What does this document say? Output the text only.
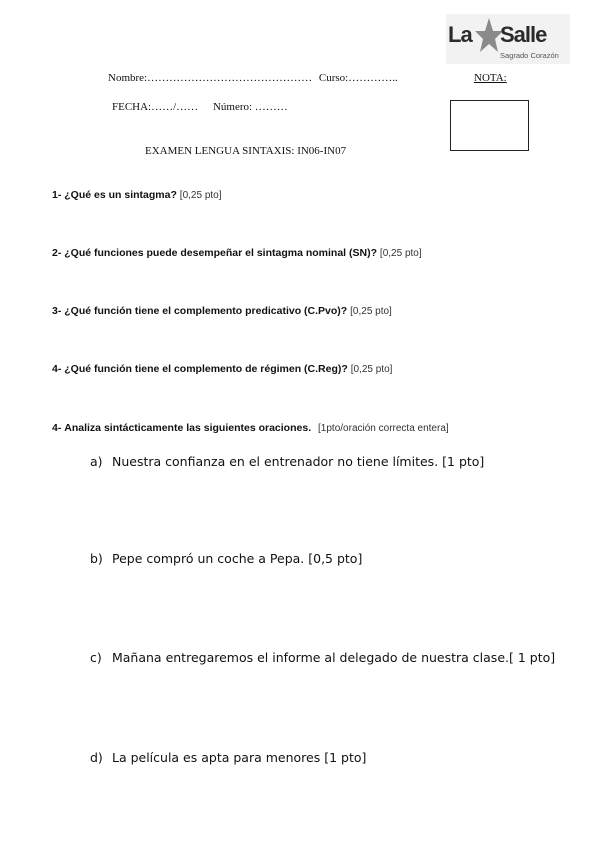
La Salle
Sagrado Corazón
Nombre:……………………………………… Curso:…………..	NOTA:
FECHA:……/…… Número: ………
EXAMEN LENGUA SINTAXIS: IN06-IN07
1- ¿Qué es un sintagma? [0,25 pto]
2- ¿Qué funciones puede desempeñar el sintagma nominal (SN)? [0,25 pto]
3- ¿Qué función tiene el complemento predicativo (C.Pvo)? [0,25 pto]
4- ¿Qué función tiene el complemento de régimen (C.Reg)? [0,25 pto]
4- Analiza sintácticamente las siguientes oraciones. [1pto/oración correcta entera]
a) Nuestra confianza en el entrenador no tiene límites. [1 pto]
b) Pepe compró un coche a Pepa. [0,5 pto]
c) Mañana entregaremos el informe al delegado de nuestra clase.[ 1 pto]
d) La película es apta para menores [1 pto]
